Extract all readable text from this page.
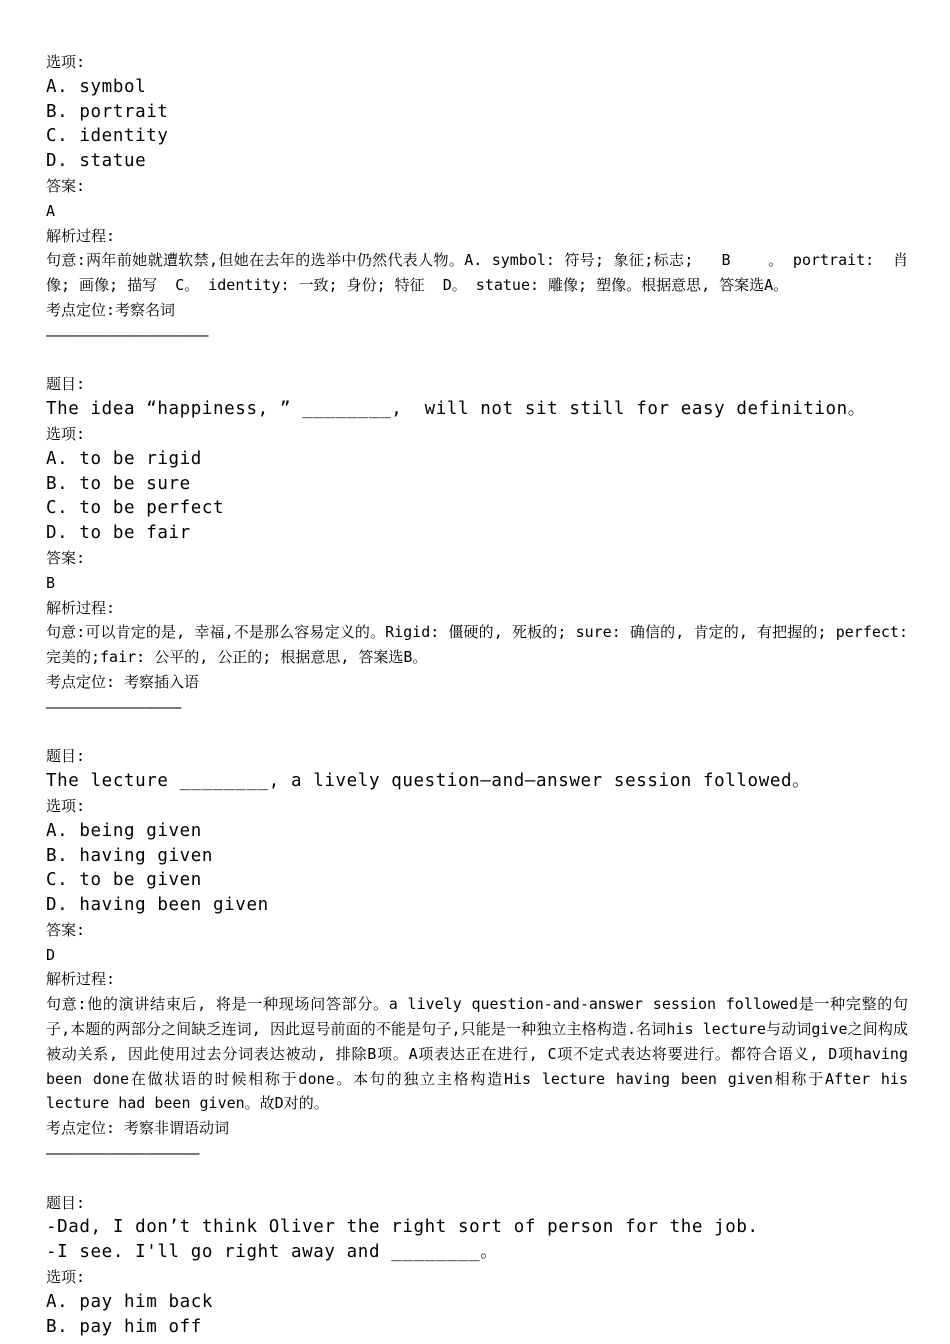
选项:

A. symbol

B. portrait

C. identity

D. statue

答案:

A

解析过程:

句意:两年前她就遭软禁,但她在去年的选举中仍然代表人物。A. symbol: 符号; 象征;标志;   B    。 portrait:  肖像; 画像; 描写  C。 identity: 一致; 身份; 特征  D。 statue: 雕像; 塑像。根据意思, 答案选A。

考点定位:考察名词

——————————————————

题目:

The idea “happiness, ” ________,  will not sit still for easy definition。

选项:

A. to be rigid

B. to be sure

C. to be perfect

D. to be fair

答案:

B

解析过程:

句意:可以肯定的是, 幸福,不是那么容易定义的。Rigid: 僵硬的, 死板的; sure: 确信的, 肯定的, 有把握的; perfect:完美的;fair: 公平的, 公正的; 根据意思, 答案选B。

考点定位: 考察插入语

———————————————

题目:

The lecture ________, a lively question—and—answer session followed。

选项:

A. being given

B. having given

C. to be given

D. having been given

答案:

D

解析过程:

句意:他的演讲结束后, 将是一种现场问答部分。a lively question-and-answer session followed是一种完整的句子,本题的两部分之间缺乏连词, 因此逗号前面的不能是句子,只能是一种独立主格构造.名词his lecture与动词give之间构成被动关系, 因此使用过去分词表达被动, 排除B项。A项表达正在进行, C项不定式表达将要进行。都符合语义, D项having been done在做状语的时候相称于done。本句的独立主格构造His lecture having been given相称于After his lecture had been given。故D对的。

考点定位: 考察非谓语动词

—————————————————

题目:

-Dad, I don’t think Oliver the right sort of person for the job.

-I see. I'll go right away and ________。

选项:

A. pay him back

B. pay him off
